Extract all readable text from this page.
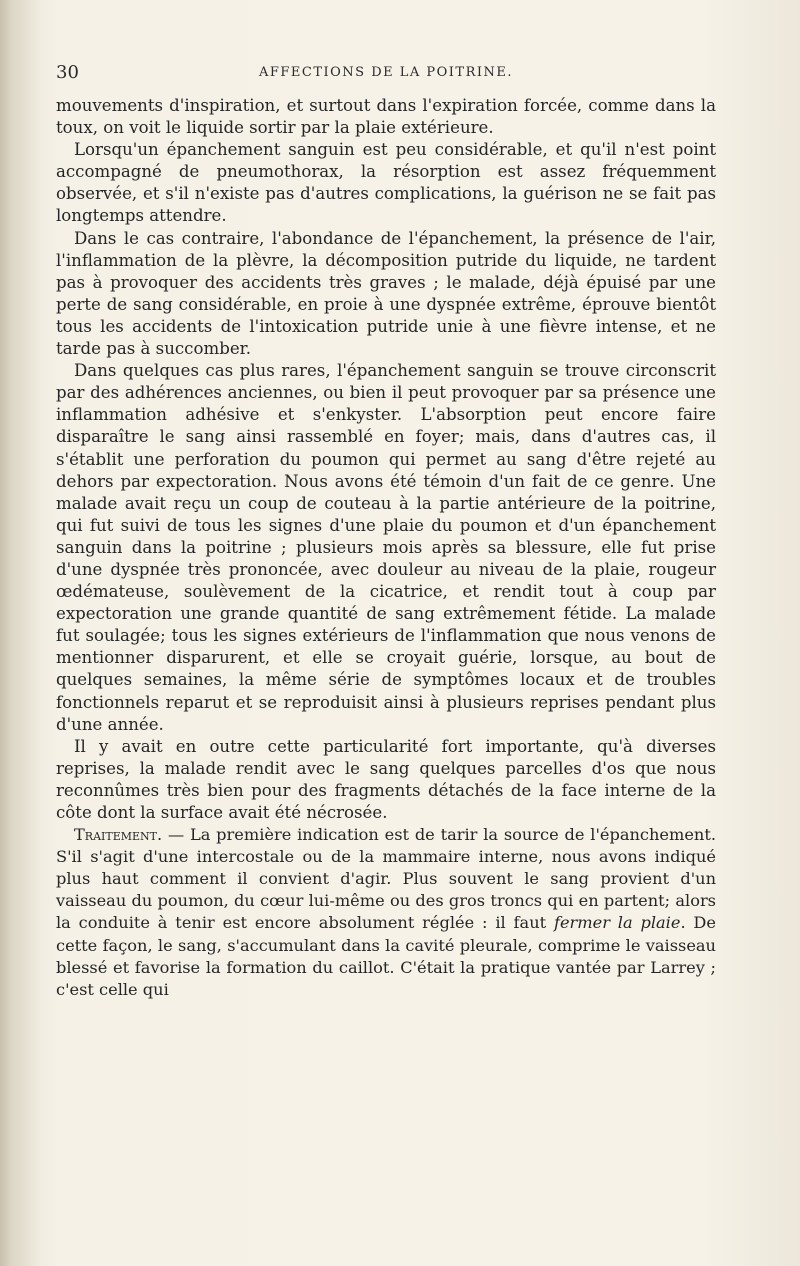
30	AFFECTIONS DE LA POITRINE.

mouvements d'inspiration, et surtout dans l'expiration forcée, comme dans la toux, on voit le liquide sortir par la plaie extérieure.

Lorsqu'un épanchement sanguin est peu considérable, et qu'il n'est point accompagné de pneumothorax, la résorption est assez fréquemment observée, et s'il n'existe pas d'autres complications, la guérison ne se fait pas longtemps attendre.

Dans le cas contraire, l'abondance de l'épanchement, la présence de l'air, l'inflammation de la plèvre, la décomposition putride du liquide, ne tardent pas à provoquer des accidents très graves ; le malade, déjà épuisé par une perte de sang considérable, en proie à une dyspnée extrême, éprouve bientôt tous les accidents de l'intoxication putride unie à une fièvre intense, et ne tarde pas à succomber.

Dans quelques cas plus rares, l'épanchement sanguin se trouve circonscrit par des adhérences anciennes, ou bien il peut provoquer par sa présence une inflammation adhésive et s'enkyster. L'absorption peut encore faire disparaître le sang ainsi rassemblé en foyer; mais, dans d'autres cas, il s'établit une perforation du poumon qui permet au sang d'être rejeté au dehors par expectoration. Nous avons été témoin d'un fait de ce genre. Une malade avait reçu un coup de couteau à la partie antérieure de la poitrine, qui fut suivi de tous les signes d'une plaie du poumon et d'un épanchement sanguin dans la poitrine ; plusieurs mois après sa blessure, elle fut prise d'une dyspnée très prononcée, avec douleur au niveau de la plaie, rougeur œdémateuse, soulèvement de la cicatrice, et rendit tout à coup par expectoration une grande quantité de sang extrêmement fétide. La malade fut soulagée; tous les signes extérieurs de l'inflammation que nous venons de mentionner disparurent, et elle se croyait guérie, lorsque, au bout de quelques semaines, la même série de symptômes locaux et de troubles fonctionnels reparut et se reproduisit ainsi à plusieurs reprises pendant plus d'une année.

Il y avait en outre cette particularité fort importante, qu'à diverses reprises, la malade rendit avec le sang quelques parcelles d'os que nous reconnûmes très bien pour des fragments détachés de la face interne de la côte dont la surface avait été nécrosée.

Traitement. — La première indication est de tarir la source de l'épanchement. S'il s'agit d'une intercostale ou de la mammaire interne, nous avons indiqué plus haut comment il convient d'agir. Plus souvent le sang provient d'un vaisseau du poumon, du cœur lui-même ou des gros troncs qui en partent; alors la conduite à tenir est encore absolument réglée : il faut fermer la plaie. De cette façon, le sang, s'accumulant dans la cavité pleurale, comprime le vaisseau blessé et favorise la formation du caillot. C'était la pratique vantée par Larrey ; c'est celle qui
